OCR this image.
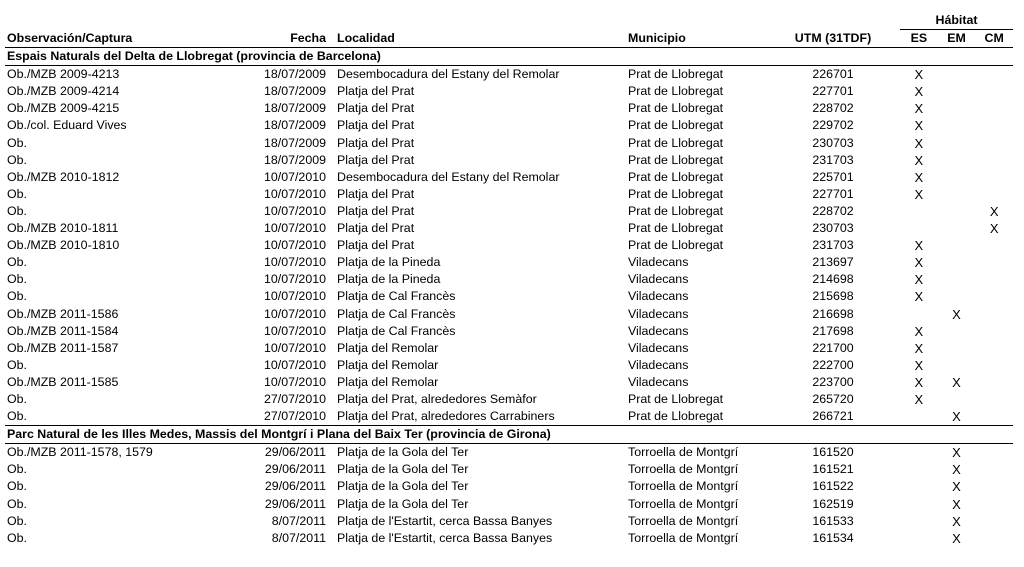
					Hábitat		
Observación/Captura	Fecha	Localidad	Municipio	UTM (31TDF)	ES	EM	CM
Espais Naturals del Delta de Llobregat (provincia de Barcelona)							
Ob./MZB 2009-4213	18/07/2009	Desembocadura del Estany del Remolar	Prat de Llobregat	226701	X		
Ob./MZB 2009-4214	18/07/2009	Platja del Prat	Prat de Llobregat	227701	X		
Ob./MZB 2009-4215	18/07/2009	Platja del Prat	Prat de Llobregat	228702	X		
Ob./col. Eduard Vives	18/07/2009	Platja del Prat	Prat de Llobregat	229702	X		
Ob.	18/07/2009	Platja del Prat	Prat de Llobregat	230703	X		
Ob.	18/07/2009	Platja del Prat	Prat de Llobregat	231703	X		
Ob./MZB 2010-1812	10/07/2010	Desembocadura del Estany del Remolar	Prat de Llobregat	225701	X		
Ob.	10/07/2010	Platja del Prat	Prat de Llobregat	227701	X		
Ob.	10/07/2010	Platja del Prat	Prat de Llobregat	228702			X
Ob./MZB 2010-1811	10/07/2010	Platja del Prat	Prat de Llobregat	230703			X
Ob./MZB 2010-1810	10/07/2010	Platja del Prat	Prat de Llobregat	231703	X		
Ob.	10/07/2010	Platja de la Pineda	Viladecans	213697	X		
Ob.	10/07/2010	Platja de la Pineda	Viladecans	214698	X		
Ob.	10/07/2010	Platja de Cal Francès	Viladecans	215698	X		
Ob./MZB 2011-1586	10/07/2010	Platja de Cal Francès	Viladecans	216698		X	
Ob./MZB 2011-1584	10/07/2010	Platja de Cal Francès	Viladecans	217698	X		
Ob./MZB 2011-1587	10/07/2010	Platja del Remolar	Viladecans	221700	X		
Ob.	10/07/2010	Platja del Remolar	Viladecans	222700	X		
Ob./MZB 2011-1585	10/07/2010	Platja del Remolar	Viladecans	223700	X	X	
Ob.	27/07/2010	Platja del Prat, alrededores Semàfor	Prat de Llobregat	265720	X		
Ob.	27/07/2010	Platja del Prat, alrededores Carrabiners	Prat de Llobregat	266721		X	
Parc Natural de les Illes Medes, Massis del Montgrí i Plana del Baix Ter (provincia de Girona)							
Ob./MZB 2011-1578, 1579	29/06/2011	Platja de la Gola del Ter	Torroella de Montgrí	161520		X	
Ob.	29/06/2011	Platja de la Gola del Ter	Torroella de Montgrí	161521		X	
Ob.	29/06/2011	Platja de la Gola del Ter	Torroella de Montgrí	161522		X	
Ob.	29/06/2011	Platja de la Gola del Ter	Torroella de Montgrí	162519		X	
Ob.	8/07/2011	Platja de l'Estartit, cerca Bassa Banyes	Torroella de Montgrí	161533		X	
Ob.	8/07/2011	Platja de l'Estartit, cerca Bassa Banyes	Torroella de Montgrí	161534		X	
